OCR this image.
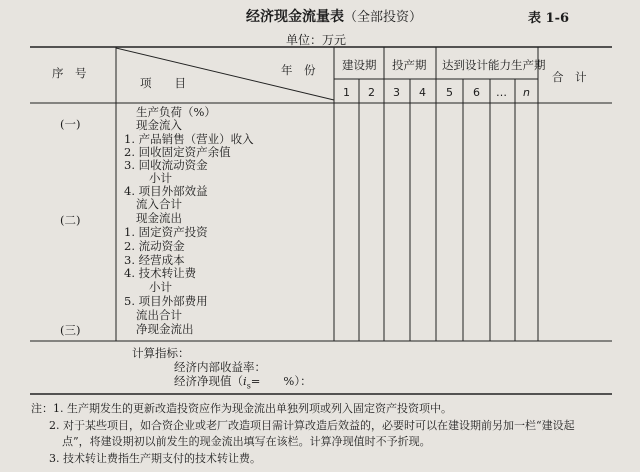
经济现金流量表（全部投资）	表 1-6
单位：万元
序　号
项　　目
年　份 建设期 投产期 达到设计能力生产期
合　计
1 2 3 4 5 6 … n
(一)
(二)
(三)
生产负荷（%）
现金流入
1. 产品销售（营业）收入
2. 回收固定资产余值
3. 回收流动资金
小计
4. 项目外部效益
流入合计
现金流出
1. 固定资产投资
2. 流动资金
3. 经营成本
4. 技术转让费
小计
5. 项目外部费用
流出合计
净现金流出
计算指标：
经济内部收益率：
经济净现值（$i_s=$　　%）：
注：1. 生产期发生的更新改造投资应作为现金流出单独列项或列入固定资产投资项中。
2. 对于某些项目，如合资企业或老厂改造项目需计算改造后效益的，必要时可以在建设期前另加一栏“建设起
点”，将建设期初以前发生的现金流出填写在该栏。计算净现值时不予折现。
3. 技术转让费指生产期支付的技术转让费。
